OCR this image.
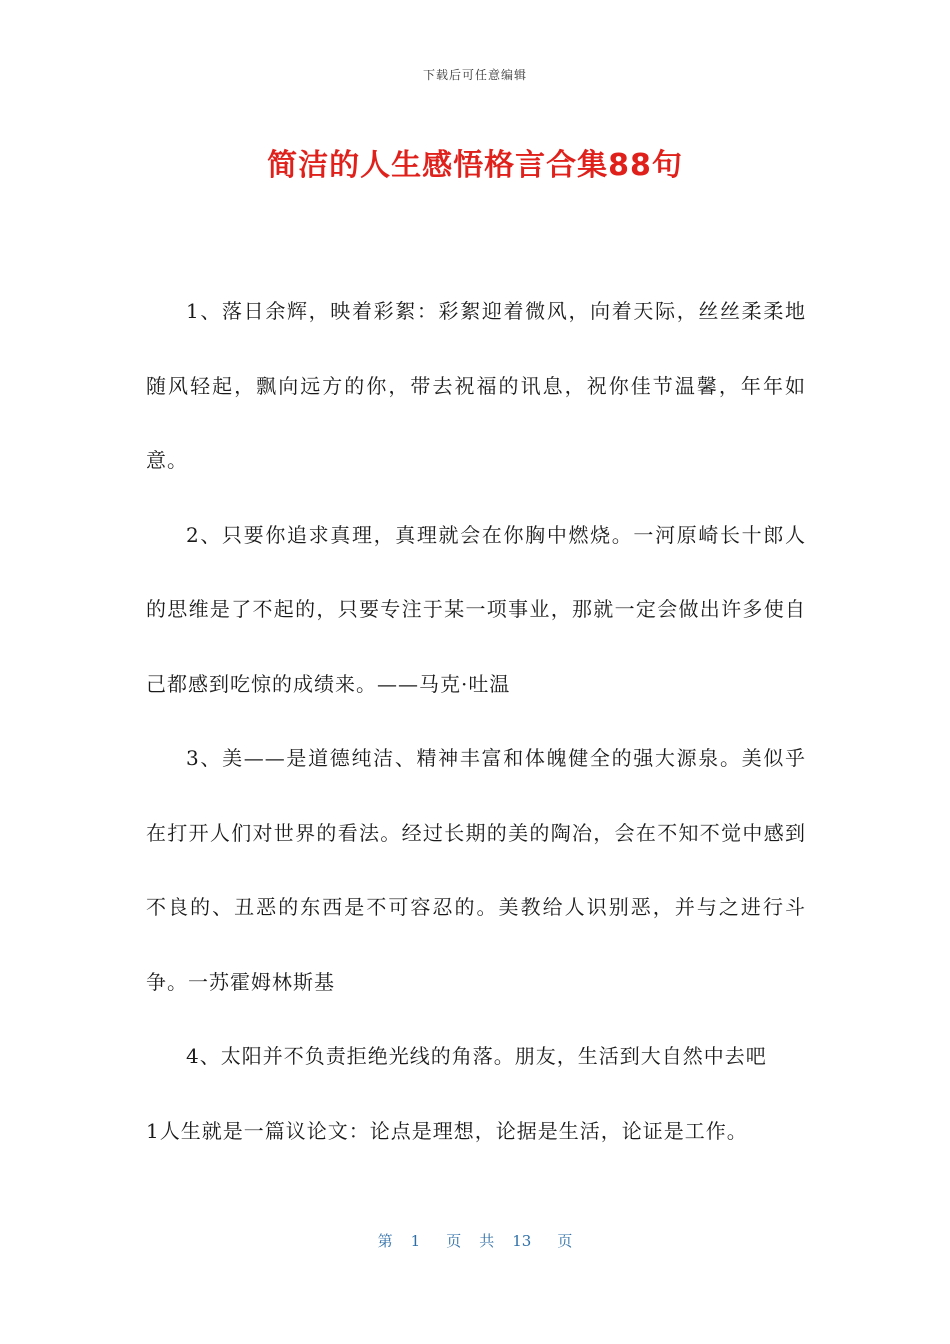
下载后可任意编辑
简洁的人生感悟格言合集88句

1、落日余辉，映着彩絮：彩絮迎着微风，向着天际，丝丝柔柔地随风轻起，飘向远方的你，带去祝福的讯息，祝你佳节温馨，年年如意。

2、只要你追求真理，真理就会在你胸中燃烧。一河原崎长十郎人的思维是了不起的，只要专注于某一项事业，那就一定会做出许多使自己都感到吃惊的成绩来。——马克·吐温

3、美——是道德纯洁、精神丰富和体魄健全的强大源泉。美似乎在打开人们对世界的看法。经过长期的美的陶冶，会在不知不觉中感到不良的、丑恶的东西是不可容忍的。美教给人识别恶，并与之进行斗争。一苏霍姆林斯基

4、太阳并不负责拒绝光线的角落。朋友，生活到大自然中去吧

1人生就是一篇议论文：论点是理想，论据是生活，论证是工作。

第 1 页 共 13 页
